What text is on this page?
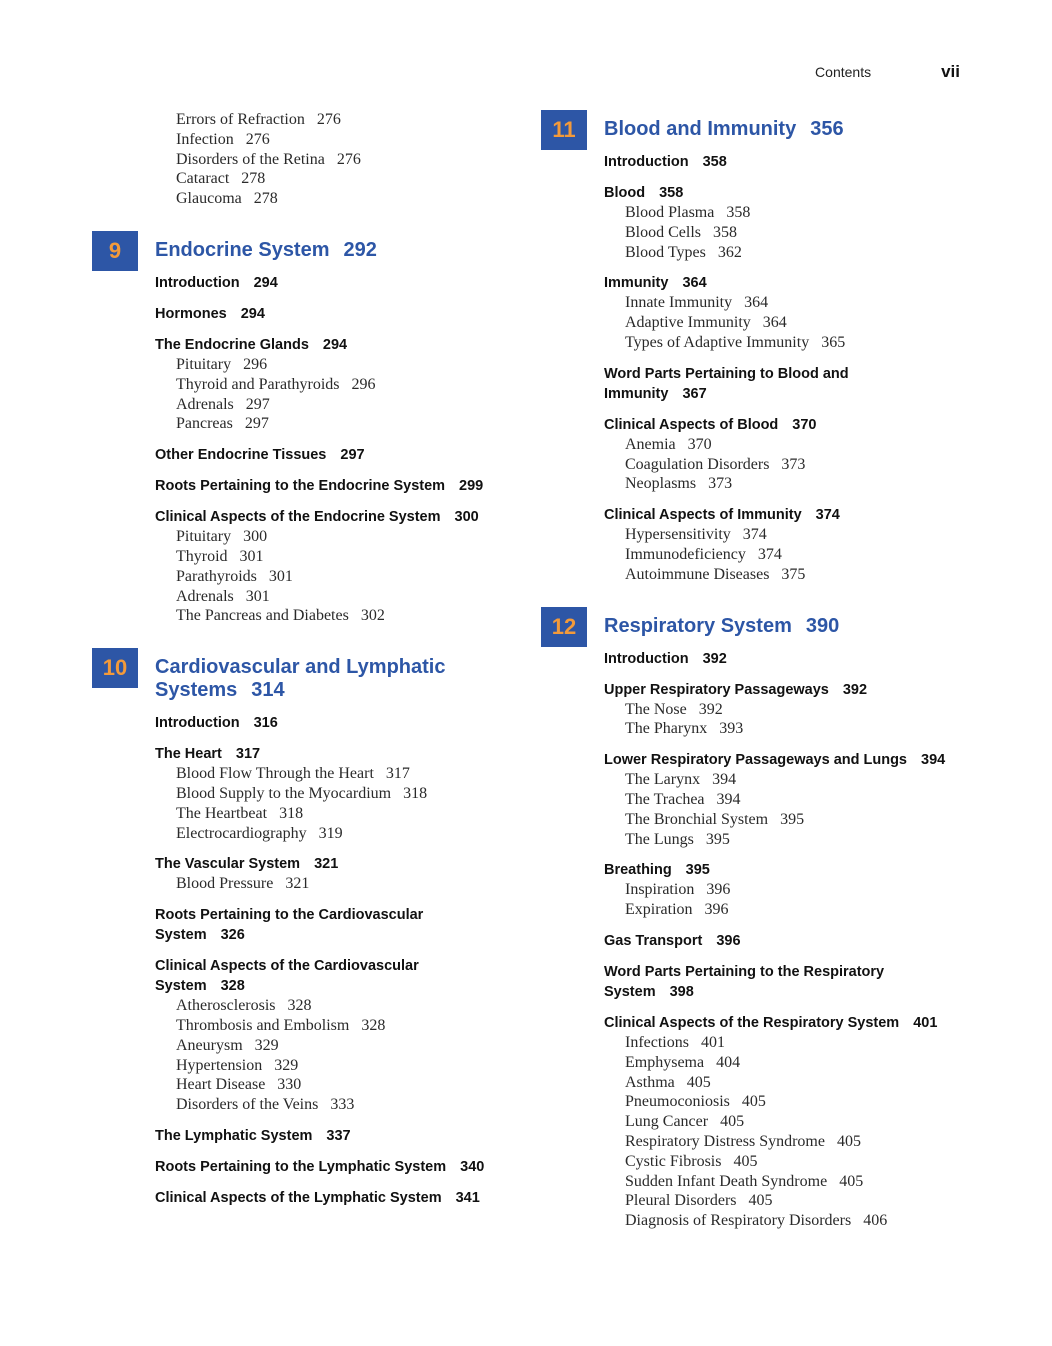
Contents	vii
Errors of Refraction 276
Infection 276
Disorders of the Retina 276
Cataract 278
Glaucoma 278
9	Endocrine System 292
Introduction 294
Hormones 294
The Endocrine Glands 294
Pituitary 296
Thyroid and Parathyroids 296
Adrenals 297
Pancreas 297
Other Endocrine Tissues 297
Roots Pertaining to the Endocrine System 299
Clinical Aspects of the Endocrine System 300
Pituitary 300
Thyroid 301
Parathyroids 301
Adrenals 301
The Pancreas and Diabetes 302
10	Cardiovascular and Lymphatic
Systems 314
Introduction 316
The Heart 317
Blood Flow Through the Heart 317
Blood Supply to the Myocardium 318
The Heartbeat 318
Electrocardiography 319
The Vascular System 321
Blood Pressure 321
Roots Pertaining to the Cardiovascular
System 326
Clinical Aspects of the Cardiovascular
System 328
Atherosclerosis 328
Thrombosis and Embolism 328
Aneurysm 329
Hypertension 329
Heart Disease 330
Disorders of the Veins 333
The Lymphatic System 337
Roots Pertaining to the Lymphatic System 340
Clinical Aspects of the Lymphatic System 341
11	Blood and Immunity 356
Introduction 358
Blood 358
Blood Plasma 358
Blood Cells 358
Blood Types 362
Immunity 364
Innate Immunity 364
Adaptive Immunity 364
Types of Adaptive Immunity 365
Word Parts Pertaining to Blood and
Immunity 367
Clinical Aspects of Blood 370
Anemia 370
Coagulation Disorders 373
Neoplasms 373
Clinical Aspects of Immunity 374
Hypersensitivity 374
Immunodeficiency 374
Autoimmune Diseases 375
12	Respiratory System 390
Introduction 392
Upper Respiratory Passageways 392
The Nose 392
The Pharynx 393
Lower Respiratory Passageways and Lungs 394
The Larynx 394
The Trachea 394
The Bronchial System 395
The Lungs 395
Breathing 395
Inspiration 396
Expiration 396
Gas Transport 396
Word Parts Pertaining to the Respiratory
System 398
Clinical Aspects of the Respiratory System 401
Infections 401
Emphysema 404
Asthma 405
Pneumoconiosis 405
Lung Cancer 405
Respiratory Distress Syndrome 405
Cystic Fibrosis 405
Sudden Infant Death Syndrome 405
Pleural Disorders 405
Diagnosis of Respiratory Disorders 406
